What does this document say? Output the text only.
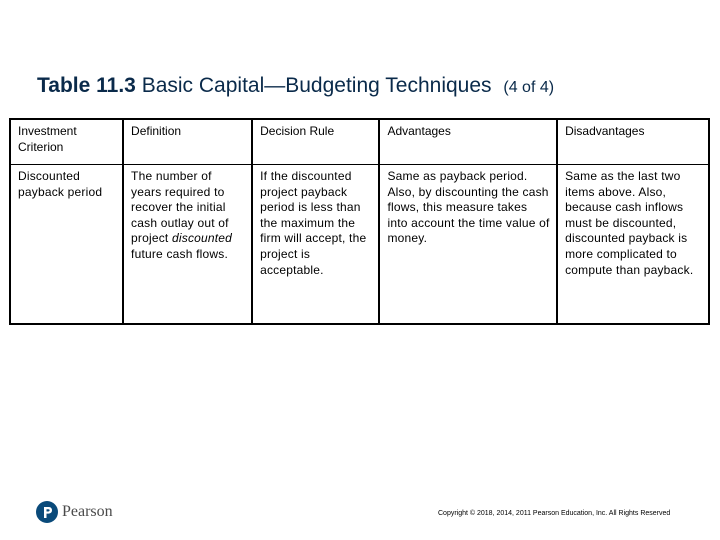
Table 11.3 Basic Capital—Budgeting Techniques (4 of 4)
Investment Criterion	Definition	Decision Rule	Advantages	Disadvantages
Discounted payback period	The number of years required to recover the initial cash outlay out of project discounted future cash flows.	If the discounted project payback period is less than the maximum the firm will accept, the project is acceptable.	Same as payback period. Also, by discounting the cash flows, this measure takes into account the time value of money.	Same as the last two items above. Also, because cash inflows must be discounted, discounted payback is more complicated to compute than payback.
Pearson	Copyright © 2018, 2014, 2011 Pearson Education, Inc. All Rights Reserved
